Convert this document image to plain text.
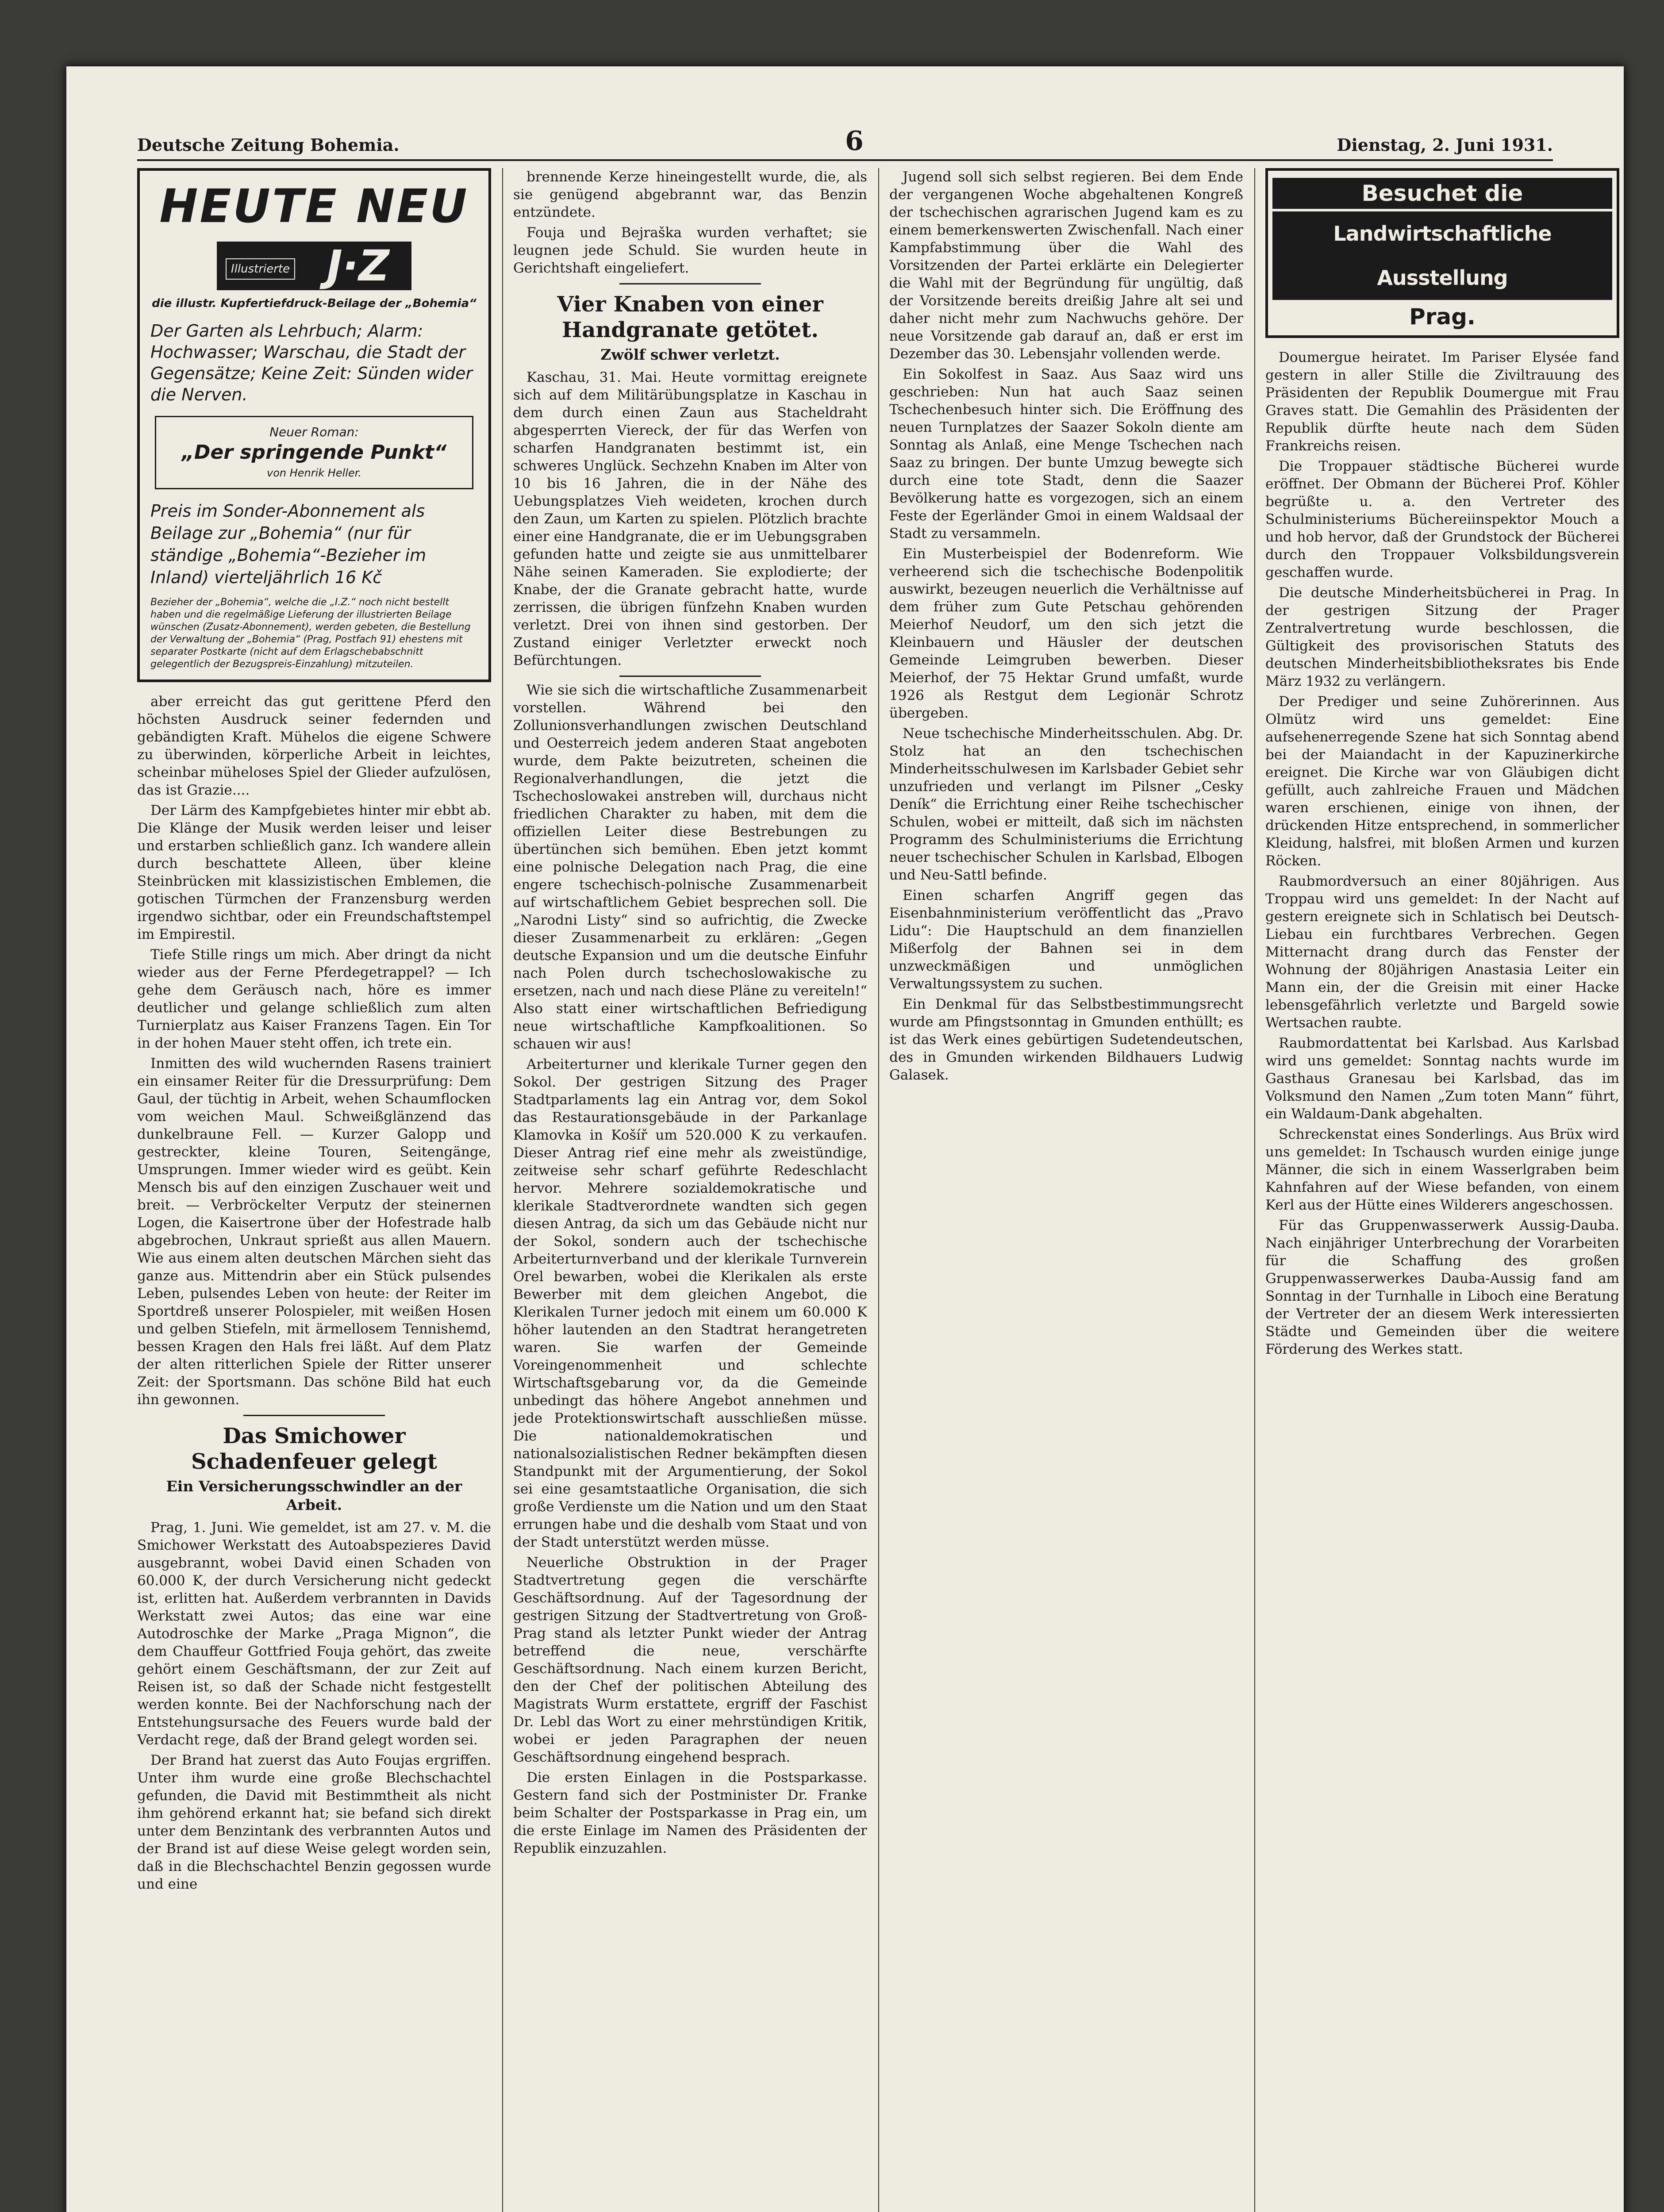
Deutsche Zeitung Bohemia.	6	Dienstag, 2. Juni 1931.
HEUTE NEU
Illustrierte J·Z
die illustr. Kupfertiefdruck-Beilage der „Bohemia“
Der Garten als Lehrbuch; Alarm: Hochwasser; Warschau, die Stadt der Gegensätze; Keine Zeit: Sünden wider die Nerven.
Neuer Roman:
„Der springende Punkt“
von Henrik Heller.
Preis im Sonder-Abonnement als Beilage zur „Bohemia“ (nur für ständige „Bohemia“-Bezieher im Inland) vierteljährlich 16 Kč
Bezieher der „Bohemia“, welche die „I.Z.“ noch nicht bestellt haben und die regelmäßige Lieferung der illustrierten Beilage wünschen (Zusatz-Abonnement), werden gebeten, die Bestellung der Verwaltung der „Bohemia“ (Prag, Postfach 91) ehestens mit separater Postkarte (nicht auf dem Erlagschebabschnitt gelegentlich der Bezugspreis-Einzahlung) mitzuteilen.

aber erreicht das gut gerittene Pferd den höchsten Ausdruck seiner federnden und gebändigten Kraft. Mühelos die eigene Schwere zu überwinden, körperliche Arbeit in leichtes, scheinbar müheloses Spiel der Glieder aufzulösen, das ist Grazie....

Der Lärm des Kampfgebietes hinter mir ebbt ab. Die Klänge der Musik werden leiser und leiser und erstarben schließlich ganz. Ich wandere allein durch beschattete Alleen, über kleine Steinbrücken mit klassizistischen Emblemen, die gotischen Türmchen der Franzensburg werden irgendwo sichtbar, oder ein Freundschaftstempel im Empirestil.

Tiefe Stille rings um mich. Aber dringt da nicht wieder aus der Ferne Pferdegetrappel? — Ich gehe dem Geräusch nach, höre es immer deutlicher und gelange schließlich zum alten Turnierplatz aus Kaiser Franzens Tagen. Ein Tor in der hohen Mauer steht offen, ich trete ein.

Inmitten des wild wuchernden Rasens trainiert ein einsamer Reiter für die Dressurprüfung: Dem Gaul, der tüchtig in Arbeit, wehen Schaumflocken vom weichen Maul. Schweißglänzend das dunkelbraune Fell. — Kurzer Galopp und gestreckter, kleine Touren, Seitengänge, Umsprungen. Immer wieder wird es geübt. Kein Mensch bis auf den einzigen Zuschauer weit und breit. — Verbröckelter Verputz der steinernen Logen, die Kaisertrone über der Hofestrade halb abgebrochen, Unkraut sprießt aus allen Mauern. Wie aus einem alten deutschen Märchen sieht das ganze aus. Mittendrin aber ein Stück pulsendes Leben, pulsendes Leben von heute: der Reiter im Sportdreß unserer Polospieler, mit weißen Hosen und gelben Stiefeln, mit ärmellosem Tennishemd, bessen Kragen den Hals frei läßt. Auf dem Platz der alten ritterlichen Spiele der Ritter unserer Zeit: der Sportsmann. Das schöne Bild hat euch ihn gewonnen.

Das Smichower Schadenfeuer gelegt
Ein Versicherungsschwindler an der Arbeit.

Prag, 1. Juni. Wie gemeldet, ist am 27. v. M. die Smichower Werkstatt des Autoabspezieres David ausgebrannt, wobei David einen Schaden von 60.000 K, der durch Versicherung nicht gedeckt ist, erlitten hat. Außerdem verbrannten in Davids Werkstatt zwei Autos; das eine war eine Autodroschke der Marke „Praga Mignon“, die dem Chauffeur Gottfried Fouja gehört, das zweite gehört einem Geschäftsmann, der zur Zeit auf Reisen ist, so daß der Schade nicht festgestellt werden konnte. Bei der Nachforschung nach der Entstehungsursache des Feuers wurde bald der Verdacht rege, daß der Brand gelegt worden sei.

Der Brand hat zuerst das Auto Foujas ergriffen. Unter ihm wurde eine große Blechschachtel gefunden, die David mit Bestimmtheit als nicht ihm gehörend erkannt hat; sie befand sich direkt unter dem Benzintank des verbrannten Autos und der Brand ist auf diese Weise gelegt worden sein, daß in die Blechschachtel Benzin gegossen wurde und eine

brennende Kerze hineingestellt wurde, die, als sie genügend abgebrannt war, das Benzin entzündete.

Fouja und Bejraška wurden verhaftet; sie leugnen jede Schuld. Sie wurden heute in Gerichtshaft eingeliefert.

Vier Knaben von einer Handgranate getötet.
Zwölf schwer verletzt.

Kaschau, 31. Mai. Heute vormittag ereignete sich auf dem Militärübungsplatze in Kaschau in dem durch einen Zaun aus Stacheldraht abgesperrten Viereck, der für das Werfen von scharfen Handgranaten bestimmt ist, ein schweres Unglück. Sechzehn Knaben im Alter von 10 bis 16 Jahren, die in der Nähe des Uebungsplatzes Vieh weideten, krochen durch den Zaun, um Karten zu spielen. Plötzlich brachte einer eine Handgranate, die er im Uebungsgraben gefunden hatte und zeigte sie aus unmittelbarer Nähe seinen Kameraden. Sie explodierte; der Knabe, der die Granate gebracht hatte, wurde zerrissen, die übrigen fünfzehn Knaben wurden verletzt. Drei von ihnen sind gestorben. Der Zustand einiger Verletzter erweckt noch Befürchtungen.

Wie sie sich die wirtschaftliche Zusammenarbeit vorstellen. Während bei den Zollunionsverhandlungen zwischen Deutschland und Oesterreich jedem anderen Staat angeboten wurde, dem Pakte beizutreten, scheinen die Regionalverhandlungen, die jetzt die Tschechoslowakei anstreben will, durchaus nicht friedlichen Charakter zu haben, mit dem die offiziellen Leiter diese Bestrebungen zu übertünchen sich bemühen. Eben jetzt kommt eine polnische Delegation nach Prag, die eine engere tschechisch-polnische Zusammenarbeit auf wirtschaftlichem Gebiet besprechen soll. Die „Narodni Listy“ sind so aufrichtig, die Zwecke dieser Zusammenarbeit zu erklären: „Gegen deutsche Expansion und um die deutsche Einfuhr nach Polen durch tschechoslowakische zu ersetzen, nach und nach diese Pläne zu vereiteln!“ Also statt einer wirtschaftlichen Befriedigung neue wirtschaftliche Kampfkoalitionen. So schauen wir aus!

Arbeiterturner und klerikale Turner gegen den Sokol. Der gestrigen Sitzung des Prager Stadtparlaments lag ein Antrag vor, dem Sokol das Restaurationsgebäude in der Parkanlage Klamovka in Košíř um 520.000 K zu verkaufen. Dieser Antrag rief eine mehr als zweistündige, zeitweise sehr scharf geführte Redeschlacht hervor. Mehrere sozialdemokratische und klerikale Stadtverordnete wandten sich gegen diesen Antrag, da sich um das Gebäude nicht nur der Sokol, sondern auch der tschechische Arbeiterturnverband und der klerikale Turnverein Orel bewarben, wobei die Klerikalen als erste Bewerber mit dem gleichen Angebot, die Klerikalen Turner jedoch mit einem um 60.000 K höher lautenden an den Stadtrat herangetreten waren. Sie warfen der Gemeinde Voreingenommenheit und schlechte Wirtschaftsgebarung vor, da die Gemeinde unbedingt das höhere Angebot annehmen und jede Protektionswirtschaft ausschließen müsse. Die nationaldemokratischen und nationalsozialistischen Redner bekämpften diesen Standpunkt mit der Argumentierung, der Sokol sei eine gesamtstaatliche Organisation, die sich große Verdienste um die Nation und um den Staat errungen habe und die deshalb vom Staat und von der Stadt unterstützt werden müsse.

Neuerliche Obstruktion in der Prager Stadtvertretung gegen die verschärfte Geschäftsordnung. Auf der Tagesordnung der gestrigen Sitzung der Stadtvertretung von Groß-Prag stand als letzter Punkt wieder der Antrag betreffend die neue, verschärfte Geschäftsordnung. Nach einem kurzen Bericht, den der Chef der politischen Abteilung des Magistrats Wurm erstattete, ergriff der Faschist Dr. Lebl das Wort zu einer mehrstündigen Kritik, wobei er jeden Paragraphen der neuen Geschäftsordnung eingehend besprach.

Die ersten Einlagen in die Postsparkasse. Gestern fand sich der Postminister Dr. Franke beim Schalter der Postsparkasse in Prag ein, um die erste Einlage im Namen des Präsidenten der Republik einzuzahlen.

Jugend soll sich selbst regieren. Bei dem Ende der vergangenen Woche abgehaltenen Kongreß der tschechischen agrarischen Jugend kam es zu einem bemerkenswerten Zwischenfall. Nach einer Kampfabstimmung über die Wahl des Vorsitzenden der Partei erklärte ein Delegierter die Wahl mit der Begründung für ungültig, daß der Vorsitzende bereits dreißig Jahre alt sei und daher nicht mehr zum Nachwuchs gehöre. Der neue Vorsitzende gab darauf an, daß er erst im Dezember das 30. Lebensjahr vollenden werde.

Ein Sokolfest in Saaz. Aus Saaz wird uns geschrieben: Nun hat auch Saaz seinen Tschechenbesuch hinter sich. Die Eröffnung des neuen Turnplatzes der Saazer Sokoln diente am Sonntag als Anlaß, eine Menge Tschechen nach Saaz zu bringen. Der bunte Umzug bewegte sich durch eine tote Stadt, denn die Saazer Bevölkerung hatte es vorgezogen, sich an einem Feste der Egerländer Gmoi in einem Waldsaal der Stadt zu versammeln.

Ein Musterbeispiel der Bodenreform. Wie verheerend sich die tschechische Bodenpolitik auswirkt, bezeugen neuerlich die Verhältnisse auf dem früher zum Gute Petschau gehörenden Meierhof Neudorf, um den sich jetzt die Kleinbauern und Häusler der deutschen Gemeinde Leimgruben bewerben. Dieser Meierhof, der 75 Hektar Grund umfaßt, wurde 1926 als Restgut dem Legionär Schrotz übergeben.

Neue tschechische Minderheitsschulen. Abg. Dr. Stolz hat an den tschechischen Minderheitsschulwesen im Karlsbader Gebiet sehr unzufrieden und verlangt im Pilsner „Cesky Deník“ die Errichtung einer Reihe tschechischer Schulen, wobei er mitteilt, daß sich im nächsten Programm des Schulministeriums die Errichtung neuer tschechischer Schulen in Karlsbad, Elbogen und Neu-Sattl befinde.

Einen scharfen Angriff gegen das Eisenbahnministerium veröffentlicht das „Pravo Lidu“: Die Hauptschuld an dem finanziellen Mißerfolg der Bahnen sei in dem unzweckmäßigen und unmöglichen Verwaltungssystem zu suchen.

Ein Denkmal für das Selbstbestimmungsrecht wurde am Pfingstsonntag in Gmunden enthüllt; es ist das Werk eines gebürtigen Sudetendeutschen, des in Gmunden wirkenden Bildhauers Ludwig Galasek.

Besuchet die
Landwirtschaftliche Ausstellung
Prag.

Doumergue heiratet. Im Pariser Elysée fand gestern in aller Stille die Ziviltrauung des Präsidenten der Republik Doumergue mit Frau Graves statt. Die Gemahlin des Präsidenten der Republik dürfte heute nach dem Süden Frankreichs reisen.

Die Troppauer städtische Bücherei wurde eröffnet. Der Obmann der Bücherei Prof. Köhler begrüßte u. a. den Vertreter des Schulministeriums Büchereiinspektor Mouch a und hob hervor, daß der Grundstock der Bücherei durch den Troppauer Volksbildungsverein geschaffen wurde.

Die deutsche Minderheitsbücherei in Prag. In der gestrigen Sitzung der Prager Zentralvertretung wurde beschlossen, die Gültigkeit des provisorischen Statuts des deutschen Minderheitsbibliotheksrates bis Ende März 1932 zu verlängern.

Der Prediger und seine Zuhörerinnen. Aus Olmütz wird uns gemeldet: Eine aufsehenerregende Szene hat sich Sonntag abend bei der Maiandacht in der Kapuzinerkirche ereignet. Die Kirche war von Gläubigen dicht gefüllt, auch zahlreiche Frauen und Mädchen waren erschienen, einige von ihnen, der drückenden Hitze entsprechend, in sommerlicher Kleidung, halsfrei, mit bloßen Armen und kurzen Röcken.

Raubmordversuch an einer 80jährigen. Aus Troppau wird uns gemeldet: In der Nacht auf gestern ereignete sich in Schlatisch bei Deutsch-Liebau ein furchtbares Verbrechen. Gegen Mitternacht drang durch das Fenster der Wohnung der 80jährigen Anastasia Leiter ein Mann ein, der die Greisin mit einer Hacke lebensgefährlich verletzte und Bargeld sowie Wertsachen raubte.

Raubmordattentat bei Karlsbad. Aus Karlsbad wird uns gemeldet: Sonntag nachts wurde im Gasthaus Granesau bei Karlsbad, das im Volksmund den Namen „Zum toten Mann“ führt, ein Waldaum-Dank abgehalten.

Schreckenstat eines Sonderlings. Aus Brüx wird uns gemeldet: In Tschausch wurden einige junge Männer, die sich in einem Wasserlgraben beim Kahnfahren auf der Wiese befanden, von einem Kerl aus der Hütte eines Wilderers angeschossen.

Für das Gruppenwasserwerk Aussig-Dauba. Nach einjähriger Unterbrechung der Vorarbeiten für die Schaffung des großen Gruppenwasserwerkes Dauba-Aussig fand am Sonntag in der Turnhalle in Liboch eine Beratung der Vertreter der an diesem Werk interessierten Städte und Gemeinden über die weitere Förderung des Werkes statt.
